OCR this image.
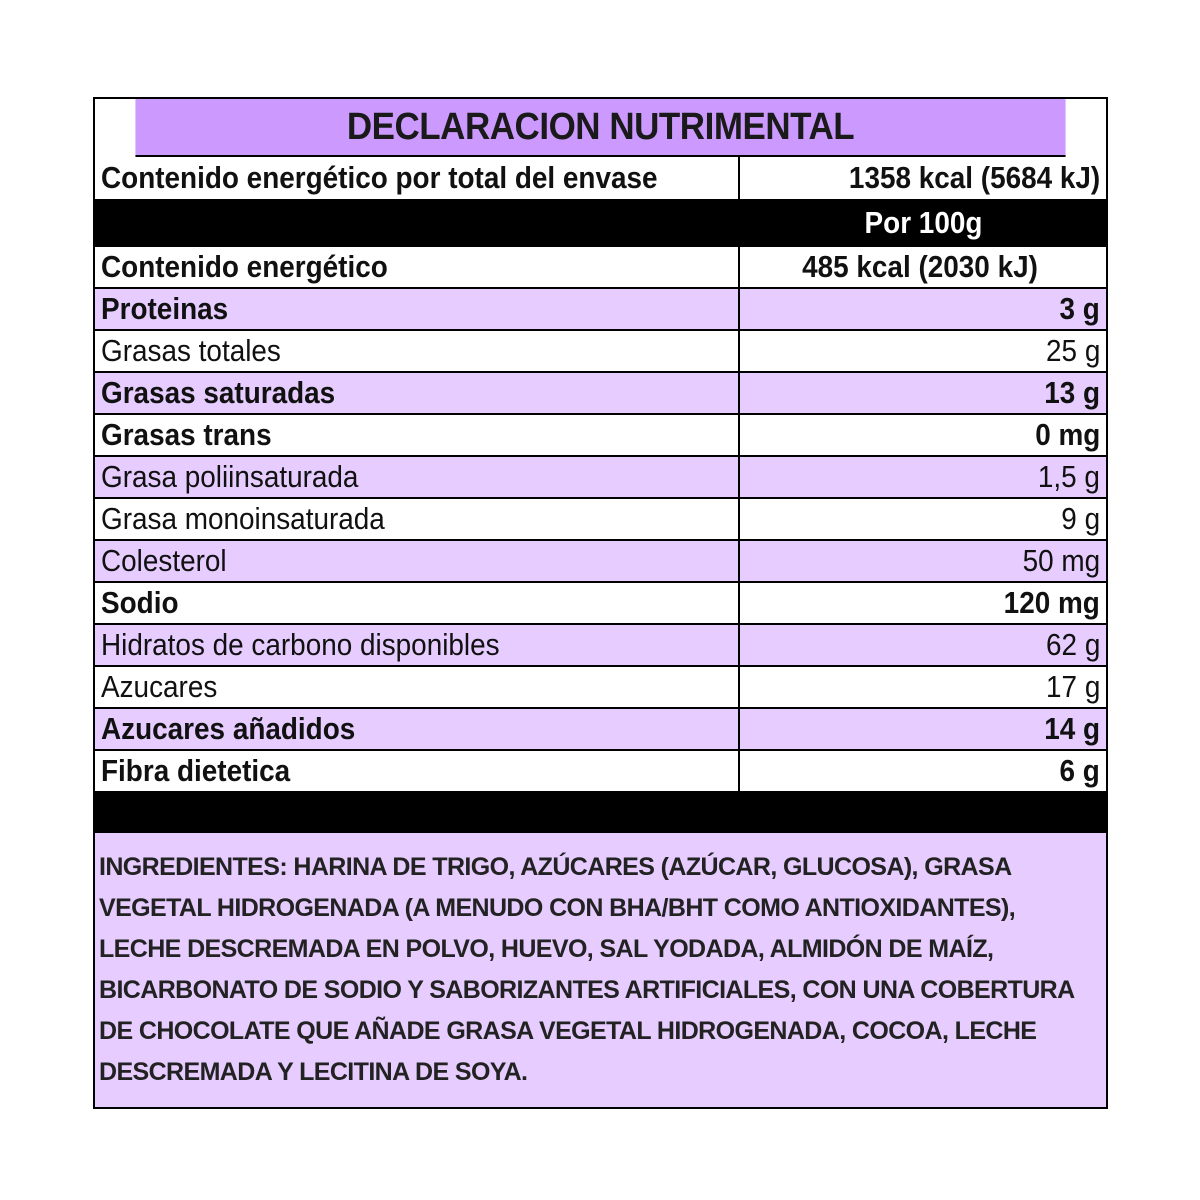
DECLARACION NUTRIMENTAL
Contenido energético por total del envase	1358 kcal (5684 kJ)
Por 100g
Contenido energético	485 kcal (2030 kJ)
Proteinas	3 g
Grasas totales	25 g
Grasas saturadas	13 g
Grasas trans	0 mg
Grasa poliinsaturada	1,5 g
Grasa monoinsaturada	9 g
Colesterol	50 mg
Sodio	120 mg
Hidratos de carbono disponibles	62 g
Azucares	17 g
Azucares añadidos	14 g
Fibra dietetica	6 g

INGREDIENTES: HARINA DE TRIGO, AZÚCARES (AZÚCAR, GLUCOSA), GRASA VEGETAL HIDROGENADA (A MENUDO CON BHA/BHT COMO ANTIOXIDANTES), LECHE DESCREMADA EN POLVO, HUEVO, SAL YODADA, ALMIDÓN DE MAÍZ, BICARBONATO DE SODIO Y SABORIZANTES ARTIFICIALES, CON UNA COBERTURA DE CHOCOLATE QUE AÑADE GRASA VEGETAL HIDROGENADA, COCOA, LECHE DESCREMADA Y LECITINA DE SOYA.
